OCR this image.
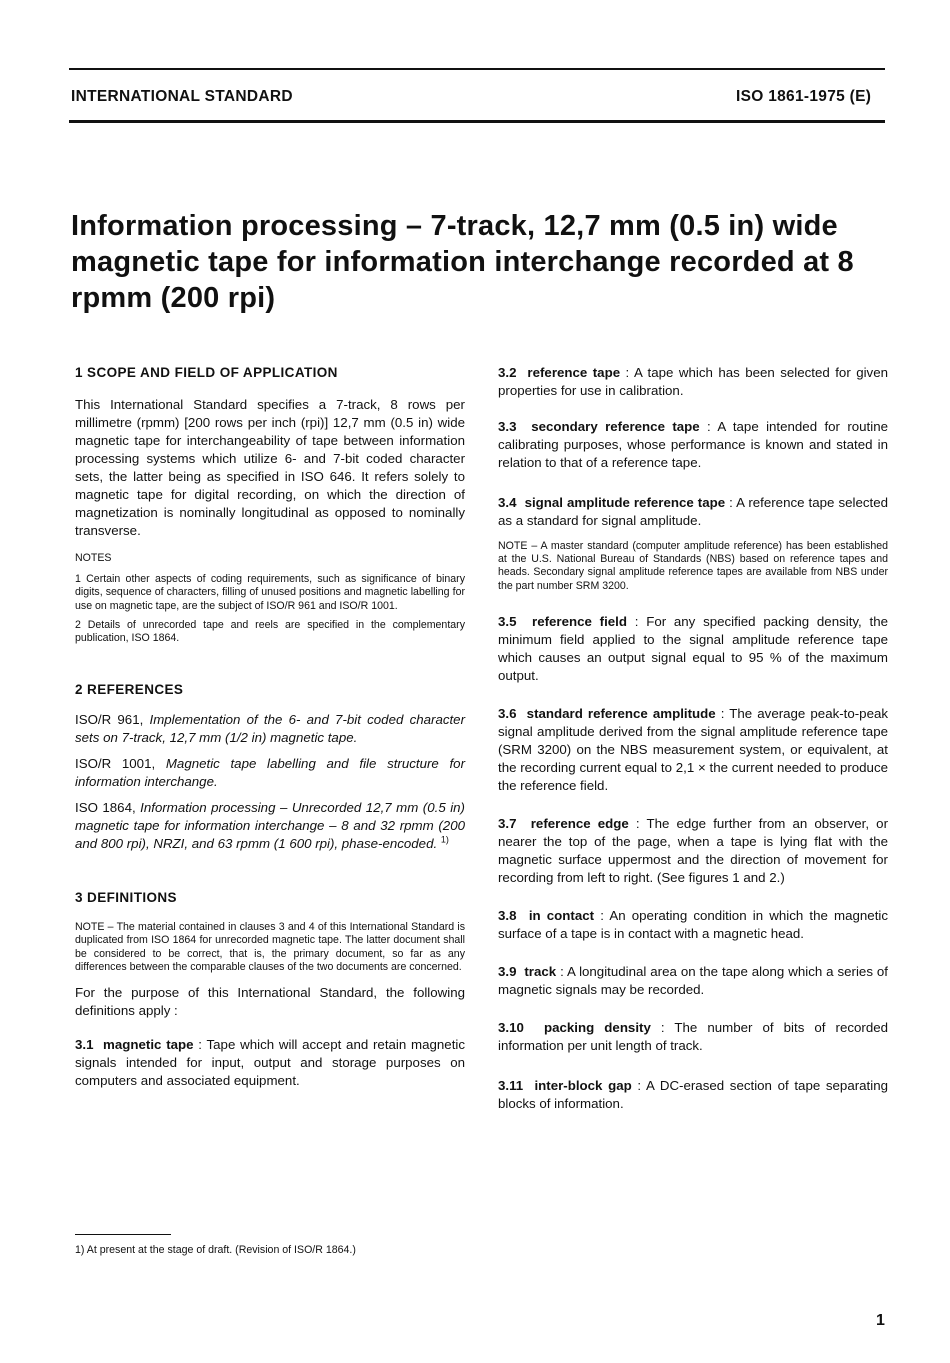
INTERNATIONAL STANDARD	ISO 1861-1975 (E)
Information processing – 7-track, 12,7 mm (0.5 in) wide magnetic tape for information interchange recorded at 8 rpmm (200 rpi)
1 SCOPE AND FIELD OF APPLICATION

This International Standard specifies a 7-track, 8 rows per millimetre (rpmm) [200 rows per inch (rpi)] 12,7 mm (0.5 in) wide magnetic tape for interchangeability of tape between information processing systems which utilize 6- and 7-bit coded character sets, the latter being as specified in ISO 646. It refers solely to magnetic tape for digital recording, on which the direction of magnetization is nominally longitudinal as opposed to nominally transverse.

NOTES

1 Certain other aspects of coding requirements, such as significance of binary digits, sequence of characters, filling of unused positions and magnetic labelling for use on magnetic tape, are the subject of ISO/R 961 and ISO/R 1001.

2 Details of unrecorded tape and reels are specified in the complementary publication, ISO 1864.

2 REFERENCES

ISO/R 961, Implementation of the 6- and 7-bit coded character sets on 7-track, 12,7 mm (1/2 in) magnetic tape.

ISO/R 1001, Magnetic tape labelling and file structure for information interchange.

ISO 1864, Information processing – Unrecorded 12,7 mm (0.5 in) magnetic tape for information interchange – 8 and 32 rpmm (200 and 800 rpi), NRZI, and 63 rpmm (1 600 rpi), phase-encoded. $^{1)}$

3 DEFINITIONS

NOTE – The material contained in clauses 3 and 4 of this International Standard is duplicated from ISO 1864 for unrecorded magnetic tape. The latter document shall be considered to be correct, that is, the primary document, so far as any differences between the comparable clauses of the two documents are concerned.

For the purpose of this International Standard, the following definitions apply :

3.1 magnetic tape : Tape which will accept and retain magnetic signals intended for input, output and storage purposes on computers and associated equipment.

3.2 reference tape : A tape which has been selected for given properties for use in calibration.

3.3 secondary reference tape : A tape intended for routine calibrating purposes, whose performance is known and stated in relation to that of a reference tape.

3.4 signal amplitude reference tape : A reference tape selected as a standard for signal amplitude.

NOTE – A master standard (computer amplitude reference) has been established at the U.S. National Bureau of Standards (NBS) based on reference tapes and heads. Secondary signal amplitude reference tapes are available from NBS under the part number SRM 3200.

3.5 reference field : For any specified packing density, the minimum field applied to the signal amplitude reference tape which causes an output signal equal to 95 % of the maximum output.

3.6 standard reference amplitude : The average peak-to-peak signal amplitude derived from the signal amplitude reference tape (SRM 3200) on the NBS measurement system, or equivalent, at the recording current equal to 2,1 × the current needed to produce the reference field.

3.7 reference edge : The edge further from an observer, or nearer the top of the page, when a tape is lying flat with the magnetic surface uppermost and the direction of movement for recording from left to right. (See figures 1 and 2.)

3.8 in contact : An operating condition in which the magnetic surface of a tape is in contact with a magnetic head.

3.9 track : A longitudinal area on the tape along which a series of magnetic signals may be recorded.

3.10 packing density : The number of bits of recorded information per unit length of track.

3.11 inter-block gap : A DC-erased section of tape separating blocks of information.

1) At present at the stage of draft. (Revision of ISO/R 1864.)
1
